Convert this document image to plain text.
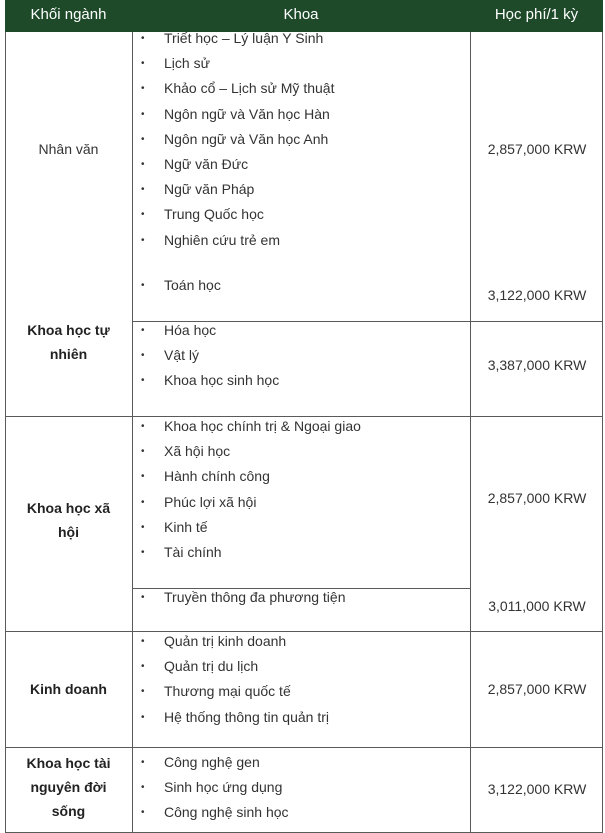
Khối ngành	Khoa	Học phí/1 kỳ
Nhân văn
• Triết học – Lý luận Y Sinh
• Lịch sử
• Khảo cổ – Lịch sử Mỹ thuật
• Ngôn ngữ và Văn học Hàn
• Ngôn ngữ và Văn học Anh
• Ngữ văn Đức
• Ngữ văn Pháp
• Trung Quốc học
• Nghiên cứu trẻ em
2,857,000 KRW
Khoa học tự
nhiên
• Toán học
3,122,000 KRW
• Hóa học
• Vật lý
• Khoa học sinh học
3,387,000 KRW
Khoa học xã
hội
• Khoa học chính trị & Ngoại giao
• Xã hội học
• Hành chính công
• Phúc lợi xã hội
• Kinh tế
• Tài chính
2,857,000 KRW
• Truyền thông đa phương tiện
3,011,000 KRW
Kinh doanh
• Quản trị kinh doanh
• Quản trị du lịch
• Thương mại quốc tế
• Hệ thống thông tin quản trị
2,857,000 KRW
Khoa học tài
nguyên đời
sống
• Công nghệ gen
• Sinh học ứng dụng
• Công nghệ sinh học
3,122,000 KRW
